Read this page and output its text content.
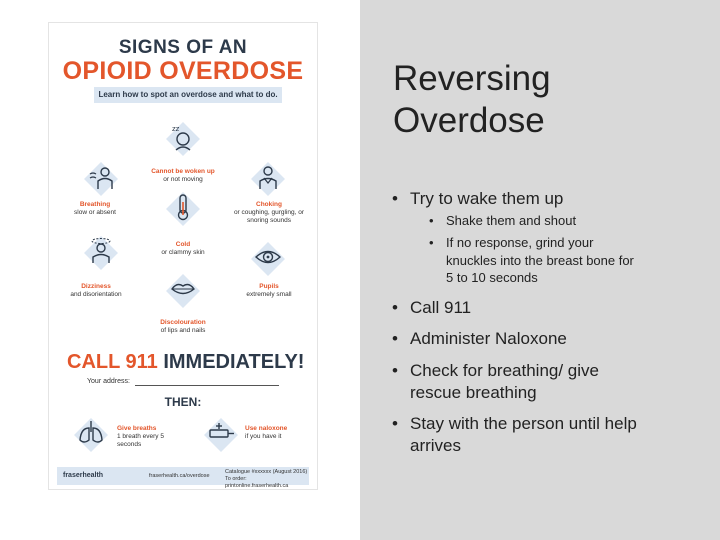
SIGNS OF AN
OPIOID OVERDOSE
Learn how to spot an overdose and what to do.
zz
Cannot be woken up
or not moving
Breathing
slow or absent
Choking
or coughing, gurgling, or snoring sounds
Cold
or clammy skin
Dizziness
and disorientation
Pupils
extremely small
Discolouration
of lips and nails
CALL 911 IMMEDIATELY!
Your address:
THEN:
Give breaths
1 breath every 5 seconds
Use naloxone
if you have it
fraserhealth	fraserhealth.ca/overdose
Catalogue #xxxxxx (August 2016)
To order: printonline.fraserhealth.ca
Reversing
Overdose
• Try to wake them up
• Shake them and shout
• If no response, grind your
knuckles into the breast bone for
5 to 10 seconds
• Call 911
• Administer Naloxone
• Check for breathing/ give
rescue breathing
• Stay with the person until help
arrives
